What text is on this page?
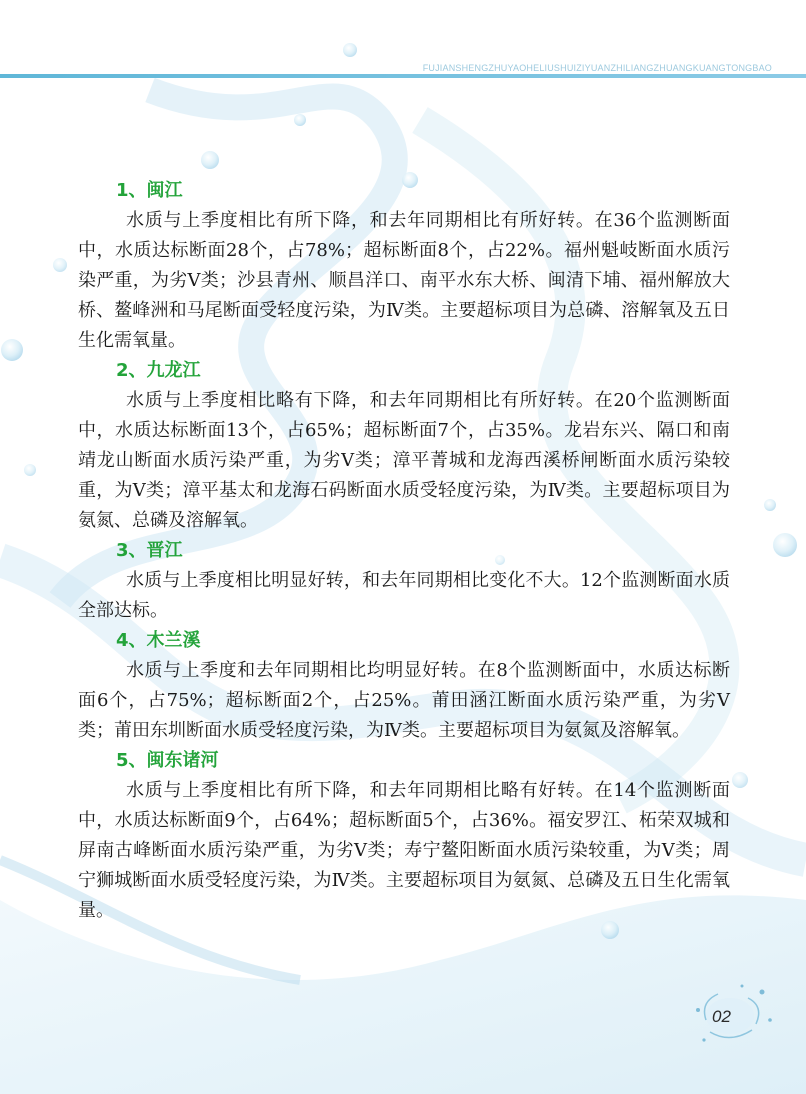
FUJIANSHENGZHUYAOHELIUSHUIZIYUANZHILIANGZHUANGKUANGTONGBAO

1、闽江

水质与上季度相比有所下降，和去年同期相比有所好转。在36个监测断面中，水质达标断面28个，占78%；超标断面8个，占22%。福州魁岐断面水质污染严重，为劣Ⅴ类；沙县青州、顺昌洋口、南平水东大桥、闽清下埔、福州解放大桥、鳌峰洲和马尾断面受轻度污染，为Ⅳ类。主要超标项目为总磷、溶解氧及五日生化需氧量。

2、九龙江

水质与上季度相比略有下降，和去年同期相比有所好转。在20个监测断面中，水质达标断面13个，占65%；超标断面7个，占35%。龙岩东兴、隔口和南靖龙山断面水质污染严重，为劣Ⅴ类；漳平菁城和龙海西溪桥闸断面水质污染较重，为Ⅴ类；漳平基太和龙海石码断面水质受轻度污染，为Ⅳ类。主要超标项目为氨氮、总磷及溶解氧。

3、晋江

水质与上季度相比明显好转，和去年同期相比变化不大。12个监测断面水质全部达标。

4、木兰溪

水质与上季度和去年同期相比均明显好转。在8个监测断面中，水质达标断面6个，占75%；超标断面2个，占25%。莆田涵江断面水质污染严重，为劣Ⅴ类；莆田东圳断面水质受轻度污染，为Ⅳ类。主要超标项目为氨氮及溶解氧。

5、闽东诸河

水质与上季度相比有所下降，和去年同期相比略有好转。在14个监测断面中，水质达标断面9个，占64%；超标断面5个，占36%。福安罗江、柘荣双城和屏南古峰断面水质污染严重，为劣Ⅴ类；寿宁鳌阳断面水质污染较重，为Ⅴ类；周宁狮城断面水质受轻度污染，为Ⅳ类。主要超标项目为氨氮、总磷及五日生化需氧量。

02
